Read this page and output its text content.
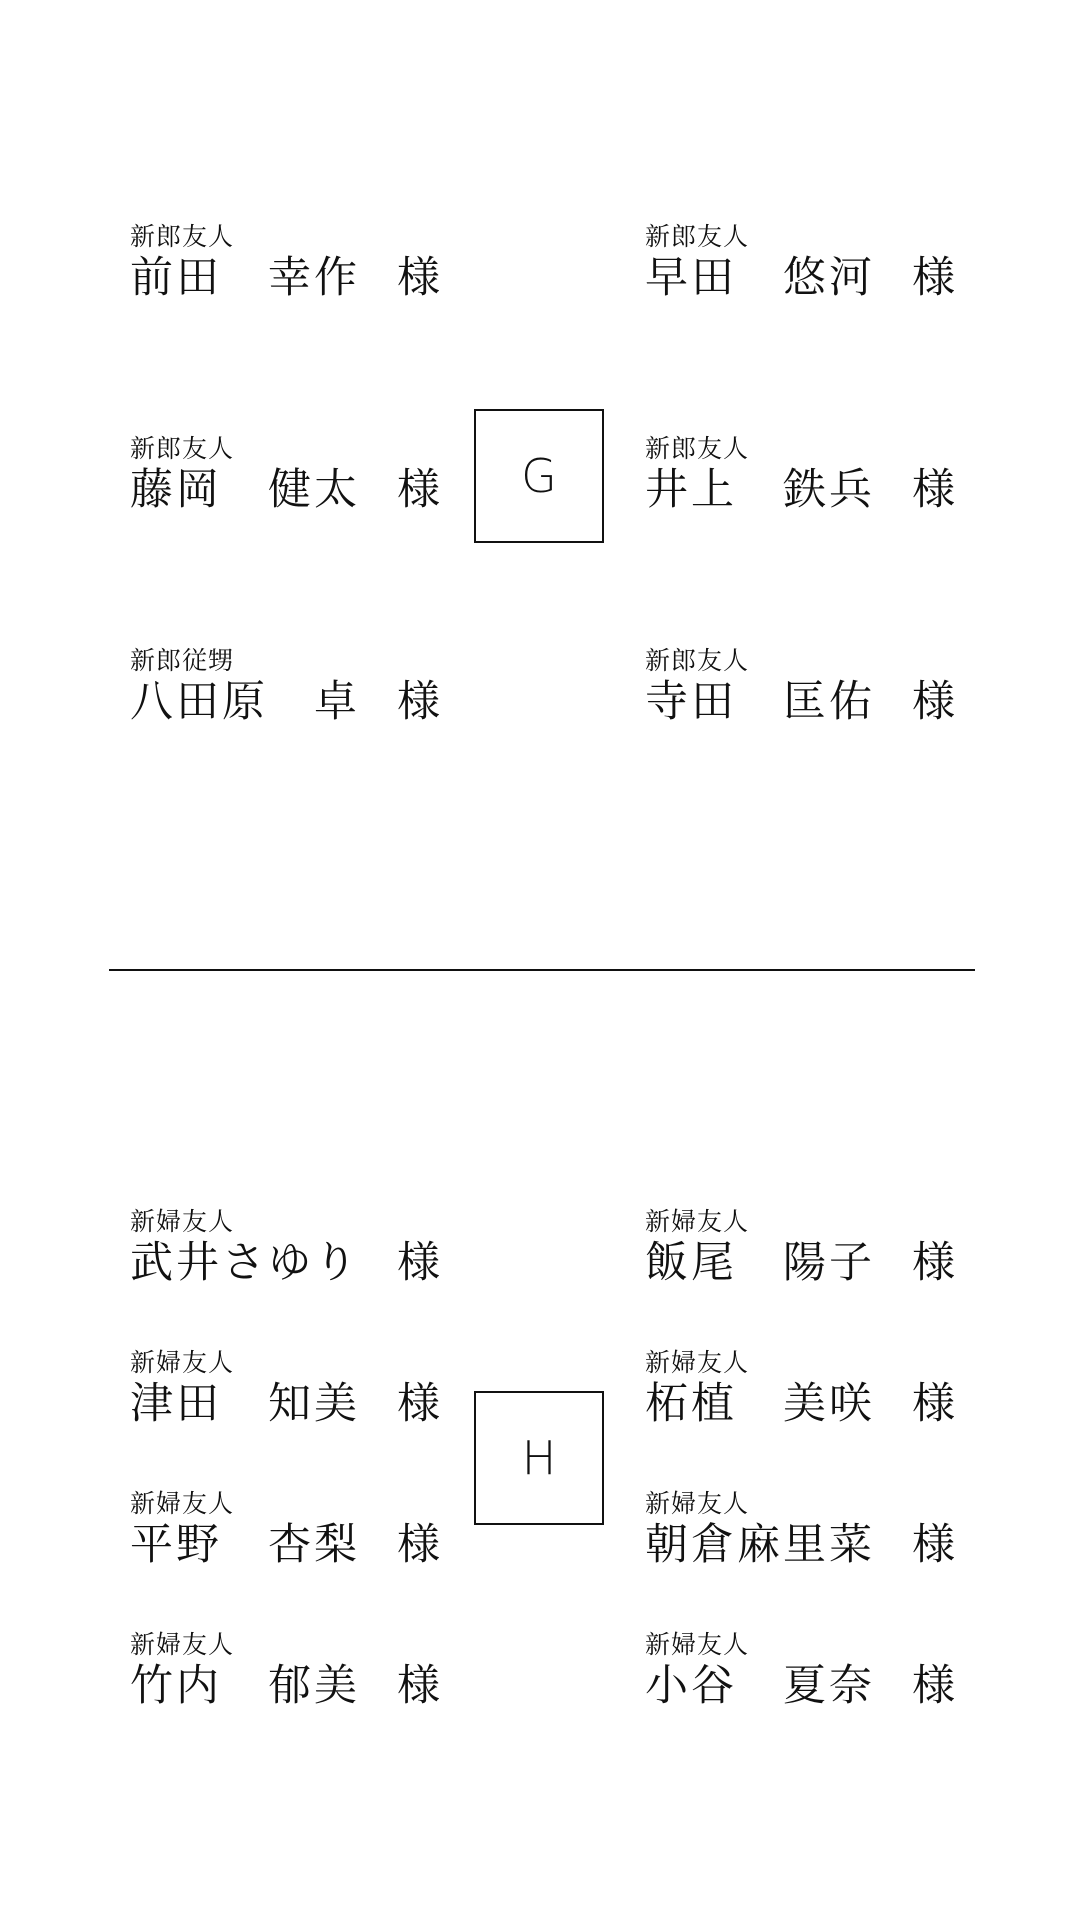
新郎友人
前田　幸作 様
新郎友人
藤岡　健太 様
新郎従甥
八田原　卓 様
新郎友人
早田　悠河 様
新郎友人
井上　鉄兵 様
新郎友人
寺田　匡佑 様
G
新婦友人
武井さゆり 様
新婦友人
津田　知美 様
新婦友人
平野　杏梨 様
新婦友人
竹内　郁美 様
新婦友人
飯尾　陽子 様
新婦友人
柘植　美咲 様
新婦友人
朝倉麻里菜 様
新婦友人
小谷　夏奈 様
H
